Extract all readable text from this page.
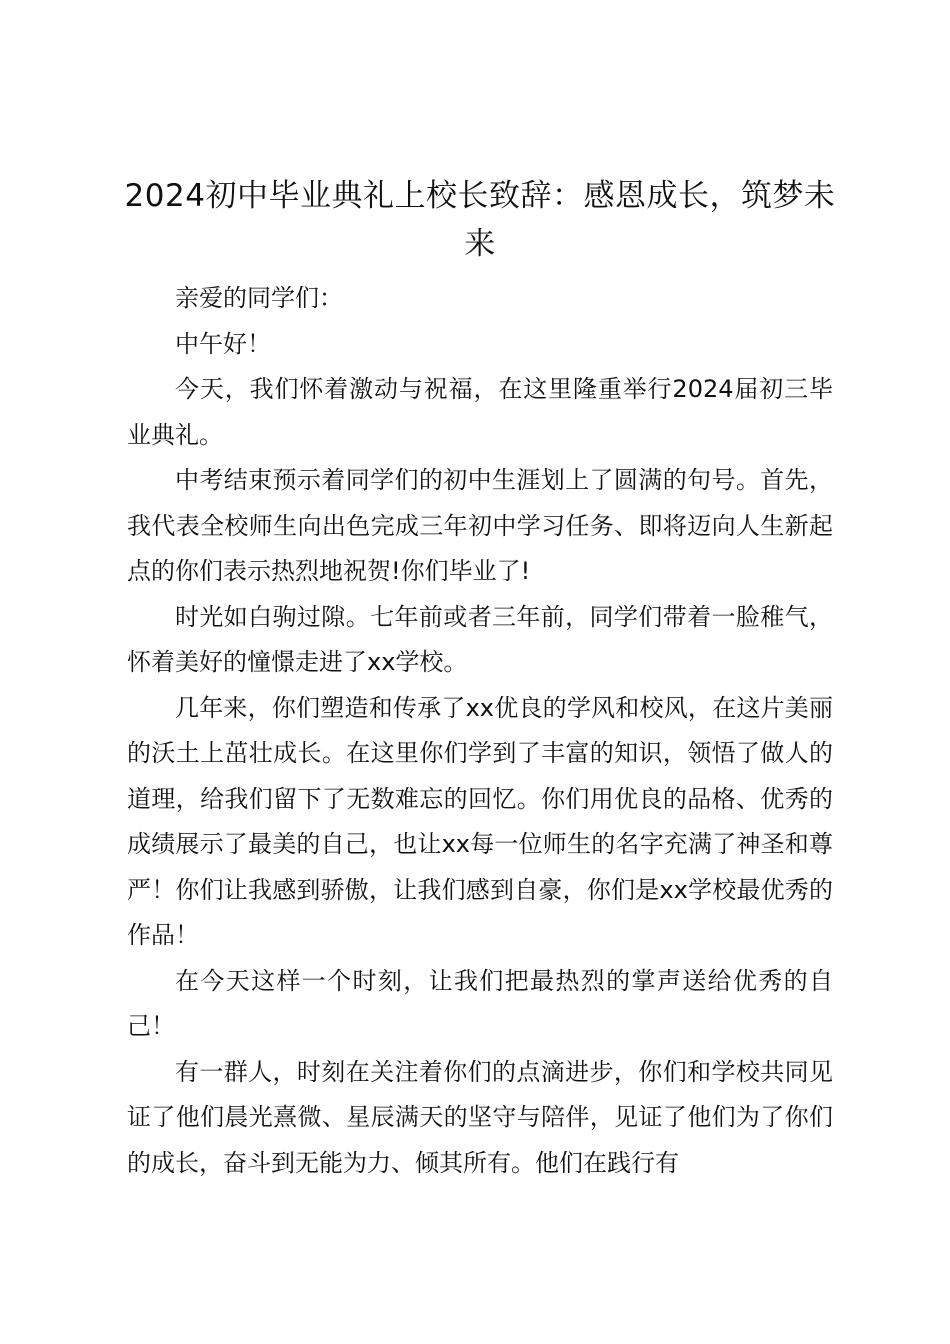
2024初中毕业典礼上校长致辞：感恩成长，筑梦未来

亲爱的同学们：

中午好！

今天，我们怀着激动与祝福，在这里隆重举行2024届初三毕业典礼。

中考结束预示着同学们的初中生涯划上了圆满的句号。首先，我代表全校师生向出色完成三年初中学习任务、即将迈向人生新起点的你们表示热烈地祝贺!你们毕业了!

时光如白驹过隙。七年前或者三年前，同学们带着一脸稚气，怀着美好的憧憬走进了xx学校。

几年来，你们塑造和传承了xx优良的学风和校风，在这片美丽的沃土上茁壮成长。在这里你们学到了丰富的知识，领悟了做人的道理，给我们留下了无数难忘的回忆。你们用优良的品格、优秀的成绩展示了最美的自己，也让xx每一位师生的名字充满了神圣和尊严！你们让我感到骄傲，让我们感到自豪，你们是xx学校最优秀的作品！

在今天这样一个时刻，让我们把最热烈的掌声送给优秀的自己！

有一群人，时刻在关注着你们的点滴进步，你们和学校共同见证了他们晨光熹微、星辰满天的坚守与陪伴，见证了他们为了你们的成长，奋斗到无能为力、倾其所有。他们在践行有
